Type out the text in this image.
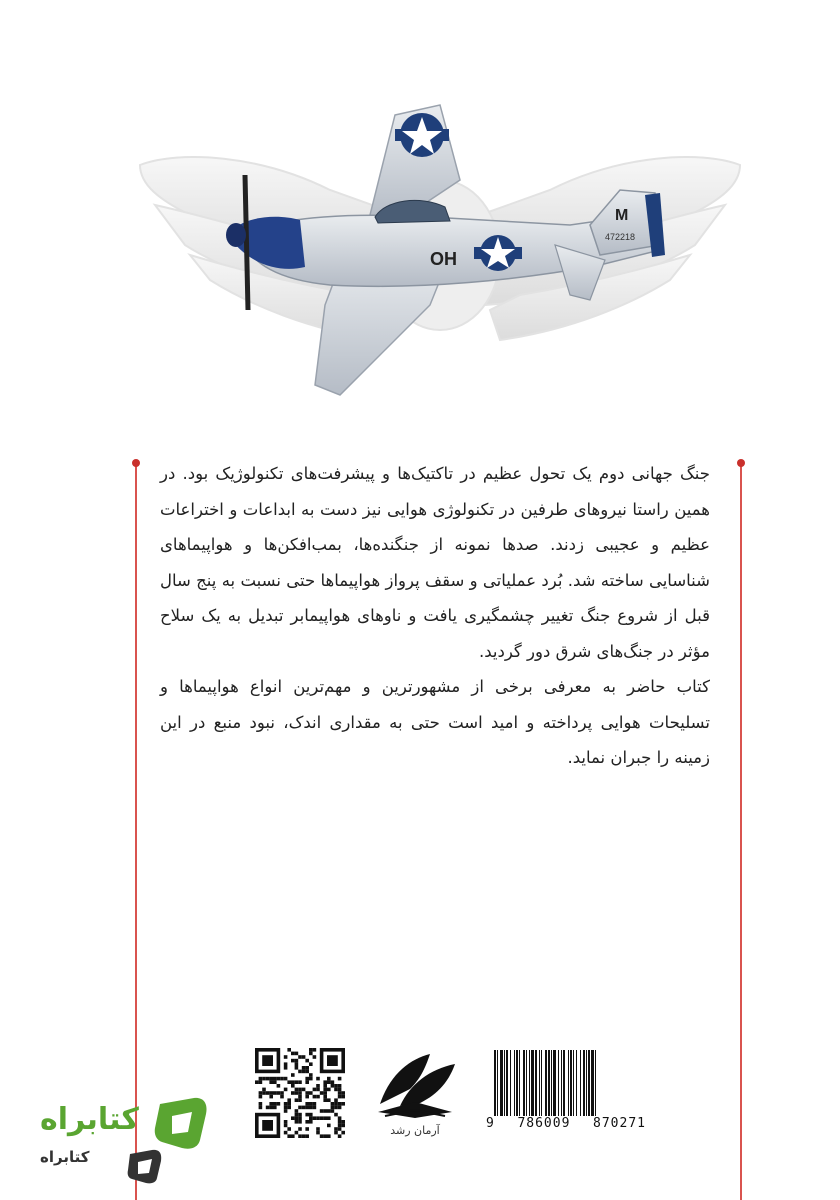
OH
M
472218

جنگ جهانی دوم یک تحول عظیم در تاکتیک‌ها و پیشرفت‌های تکنولوژیک بود. در همین راستا نیروهای طرفین در تکنولوژی هوایی نیز دست به ابداعات و اختراعات عظیم و عجیبی زدند. صدها نمونه از جنگنده‌ها، بمب‌افکن‌ها و هواپیماهای شناسایی ساخته شد. بُرد عملیاتی و سقف پرواز هواپیماها حتی نسبت به پنج سال قبل از شروع جنگ تغییر چشمگیری یافت و ناوهای هواپیمابر تبدیل به یک سلاح مؤثر در جنگ‌های شرق دور گردید.

کتاب حاضر به معرفی برخی از مشهورترین و مهم‌ترین انواع هواپیماها و تسلیحات هوایی پرداخته و امید است حتی به مقداری اندک، نبود منبع در این زمینه را جبران نماید.

آرمان رشد	9 786009 870271
کتابراه
کتابراه
